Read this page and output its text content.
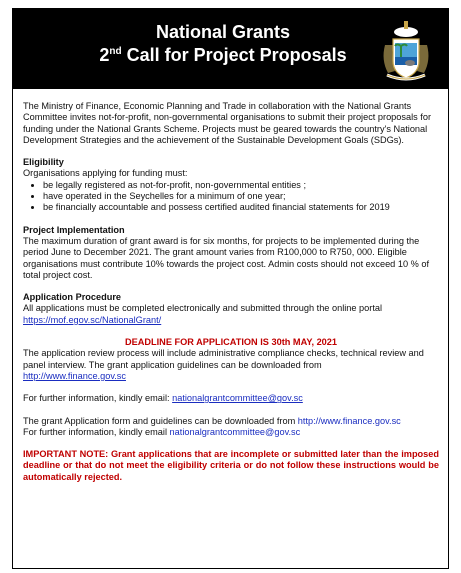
National Grants
2nd Call for Project Proposals

The Ministry of Finance, Economic Planning and Trade in collaboration with the National Grants Committee invites not-for-profit, non-governmental organisations to submit their project proposals for funding under the National Grants Scheme. Projects must be geared towards the country's National Development Strategies and the achievement of the Sustainable Development Goals (SDGs).

Eligibility

Organisations applying for funding must:

• be legally registered as not-for-profit, non-governmental entities ;
• have operated in the Seychelles for a minimum of one year;
• be financially accountable and possess certified audited financial statements for 2019

Project Implementation

The maximum duration of grant award is for six months, for projects to be implemented during the period June to December 2021. The grant amount varies from R100,000 to R750, 000. Eligible organisations must contribute 10% towards the project cost. Admin costs should not exceed 10 % of total project cost.

Application Procedure

All applications must be completed electronically and submitted through the online portal

https://mof.egov.sc/NationalGrant/

DEADLINE FOR APPLICATION IS 30th MAY, 2021

The application review process will include administrative compliance checks, technical review and panel interview. The grant application guidelines can be downloaded from

http://www.finance.gov.sc

For further information, kindly email: nationalgrantcommittee@gov.sc

The grant Application form and guidelines can be downloaded from http://www.finance.gov.sc

For further information, kindly email nationalgrantcommittee@gov.sc

IMPORTANT NOTE: Grant applications that are incomplete or submitted later than the imposed deadline or that do not meet the eligibility criteria or do not follow these instructions would be automatically rejected.
